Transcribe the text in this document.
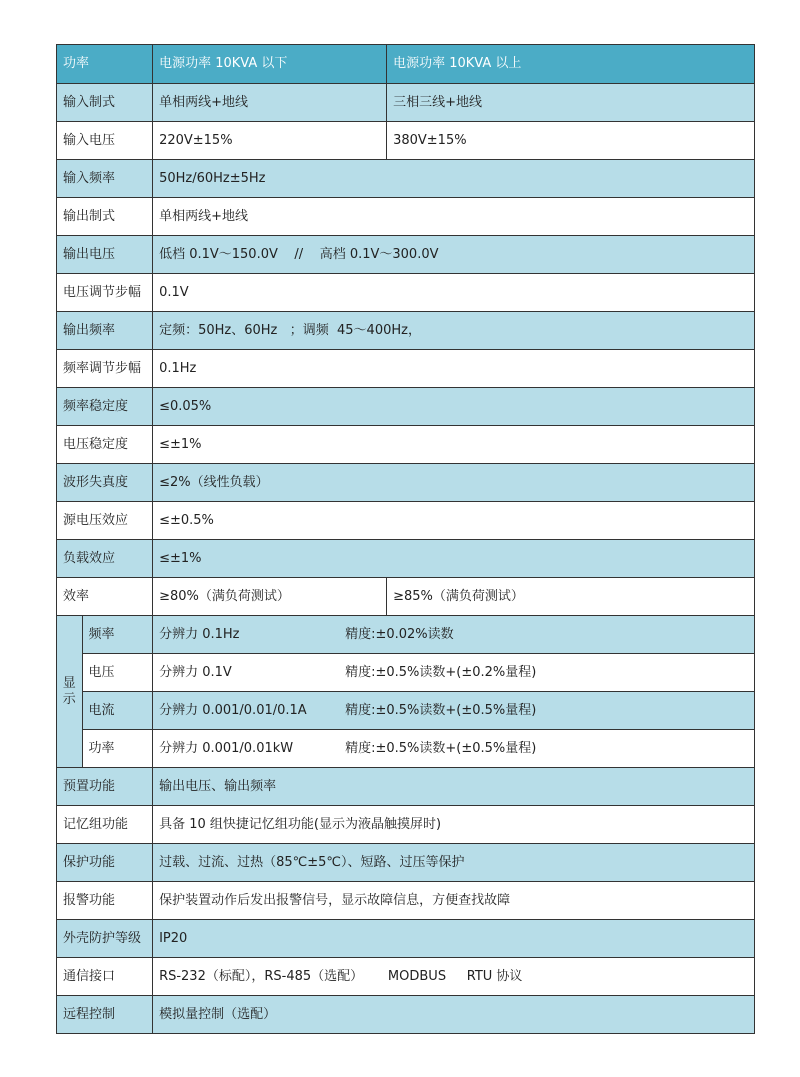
功率		电源功率 10KVA 以下	电源功率 10KVA 以上
输入制式		单相两线+地线	三相三线+地线
输入电压		220V±15%	380V±15%
输入频率		50Hz/60Hz±5Hz	
输出制式		单相两线+地线	
输出电压		低档 0.1V～150.0V    //    高档 0.1V～300.0V	
电压调节步幅		0.1V	
输出频率		定频：50Hz、60Hz   ；调频  45～400Hz，	
频率调节步幅		0.1Hz	
频率稳定度		≤0.05%	
电压稳定度		≤±1%	
波形失真度		≤2%（线性负载）	
源电压效应		≤±0.5%	
负载效应		≤±1%	
效率		≥80%（满负荷测试）	≥85%（满负荷测试）

显
示	频率	分辨力 0.1Hz 精度:±0.02%读数	
	电压	分辨力 0.1V 精度:±0.5%读数+(±0.2%量程)	
	电流	分辨力 0.001/0.01/0.1A 精度:±0.5%读数+(±0.5%量程)	
	功率	分辨力 0.001/0.01kW 精度:±0.5%读数+(±0.5%量程)	
预置功能		输出电压、输出频率	
记忆组功能		具备 10 组快捷记忆组功能(显示为液晶触摸屏时)	
保护功能		过载、过流、过热（85℃±5℃）、短路、过压等保护	
报警功能		保护装置动作后发出报警信号，显示故障信息，方便查找故障	
外壳防护等级		IP20	
通信接口		RS-232（标配），RS-485（选配）      MODBUS     RTU 协议	
远程控制		模拟量控制（选配）	
